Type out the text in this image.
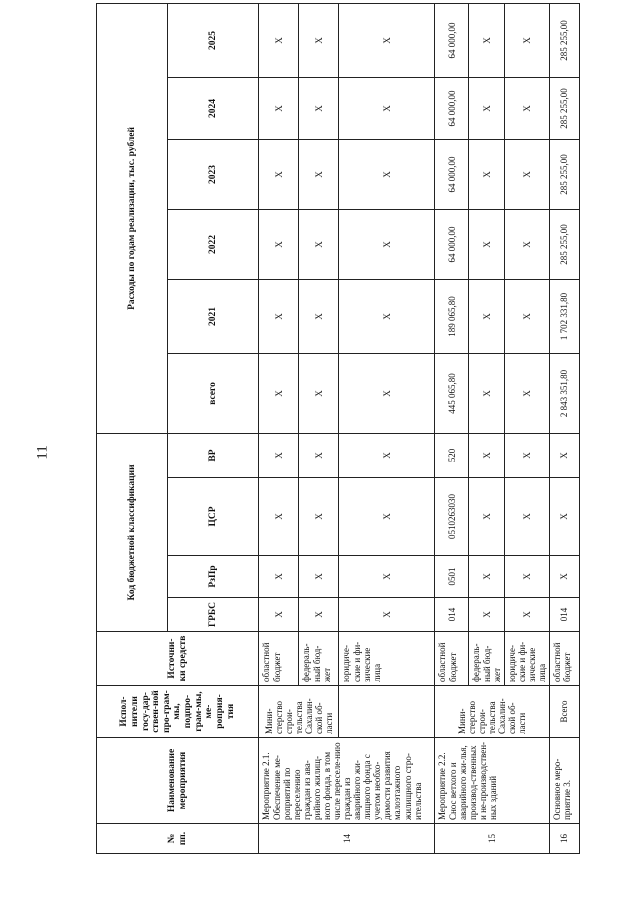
11
№ пп.	Наименование мероприятия	Испол-нители госу-дар-ствен-ной про-грам-мы, подпро-грам-мы, ме-роприя-тия	Источни-ки средств	Код бюджетной классификации				Расходы по годам реализации, тыс. рублей					
				ГРБС	РзПр	ЦСР	ВР	всего	2021	2022	2023	2024	2025
14	Мероприятие 2.1. Обеспечение ме-роприятий по переселению граждан из ава-рийного жилищ-ного фонда, в том числе переселе-нию граждан из аварийного жи-лищного фонда с учетом необхо-димости развития малоэтажного жилищного стро-ительства	Мини-стерство строи-тельства Сахалин-ской об-ласти	областной бюджет	Х	Х	Х	Х	Х	Х	Х	Х	Х	Х
			федераль-ный бюд-жет	Х	Х	Х	Х	Х	Х	Х	Х	Х	Х
			юридиче-ские и фи-зические лица	Х	Х	Х	Х	Х	Х	Х	Х	Х	Х
15	Мероприятие 2.2. Снос ветхого и аварийного жи-лья, производ-ственных и не-производствен-ных зданий	Мини-стерство строи-тельства Сахалин-ской об-ласти	областной бюджет	014	0501	0510263030	520	445 065,80	189 065,80	64 000,00	64 000,00	64 000,00	64 000,00
			федераль-ный бюд-жет	Х	Х	Х	Х	Х	Х	Х	Х	Х	Х
			юридиче-ские и фи-зические лица	Х	Х	Х	Х	Х	Х	Х	Х	Х	Х
16	Основное меро-приятие 3.	Всего	областной бюджет	014	Х	Х	Х	2 843 351,80	1 702 331,80	285 255,00	285 255,00	285 255,00	285 255,00
